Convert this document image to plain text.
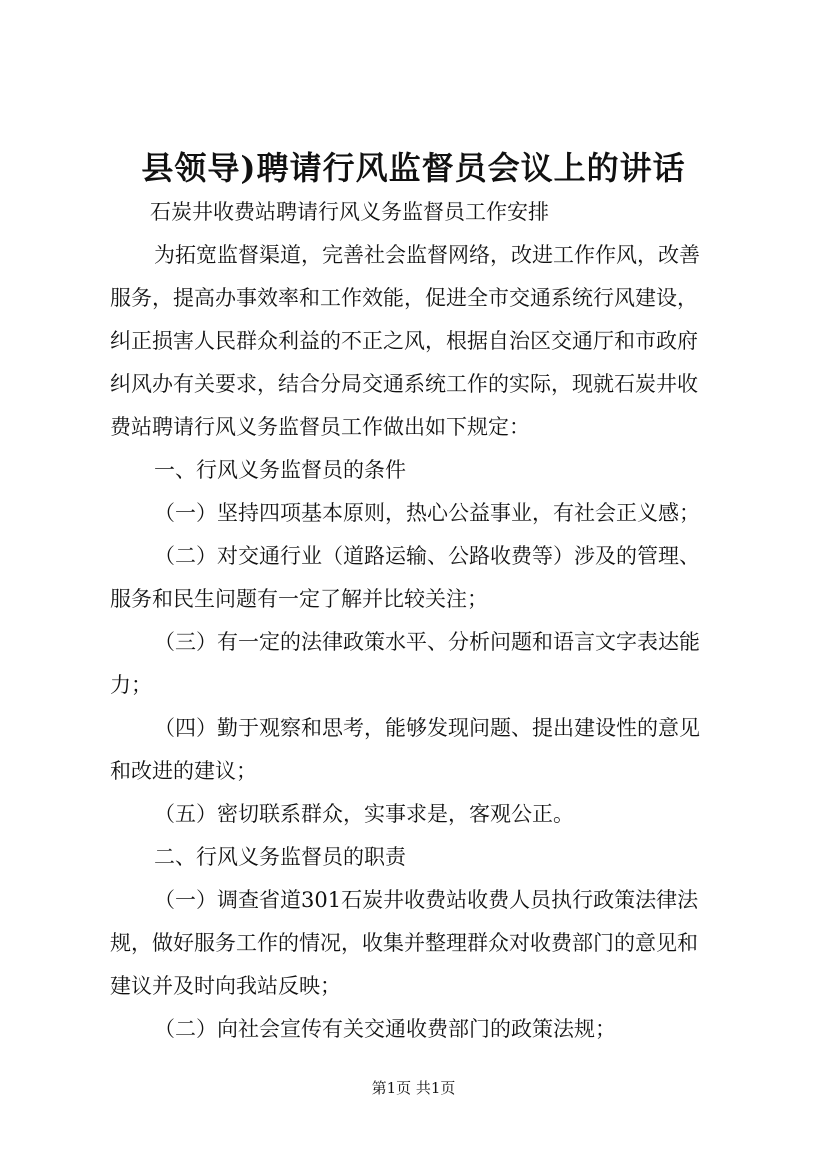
县领导)聘请行风监督员会议上的讲话

石炭井收费站聘请行风义务监督员工作安排

为拓宽监督渠道，完善社会监督网络，改进工作作风，改善

服务，提高办事效率和工作效能，促进全市交通系统行风建设，

纠正损害人民群众利益的不正之风，根据自治区交通厅和市政府

纠风办有关要求，结合分局交通系统工作的实际，现就石炭井收

费站聘请行风义务监督员工作做出如下规定：

一、行风义务监督员的条件

（一）坚持四项基本原则，热心公益事业，有社会正义感；

（二）对交通行业（道路运输、公路收费等）涉及的管理、

服务和民生问题有一定了解并比较关注；

（三）有一定的法律政策水平、分析问题和语言文字表达能

力；

（四）勤于观察和思考，能够发现问题、提出建设性的意见

和改进的建议；

（五）密切联系群众，实事求是，客观公正。

二、行风义务监督员的职责

（一）调查省道301石炭井收费站收费人员执行政策法律法

规，做好服务工作的情况，收集并整理群众对收费部门的意见和

建议并及时向我站反映；

（二）向社会宣传有关交通收费部门的政策法规；

第1页 共1页
